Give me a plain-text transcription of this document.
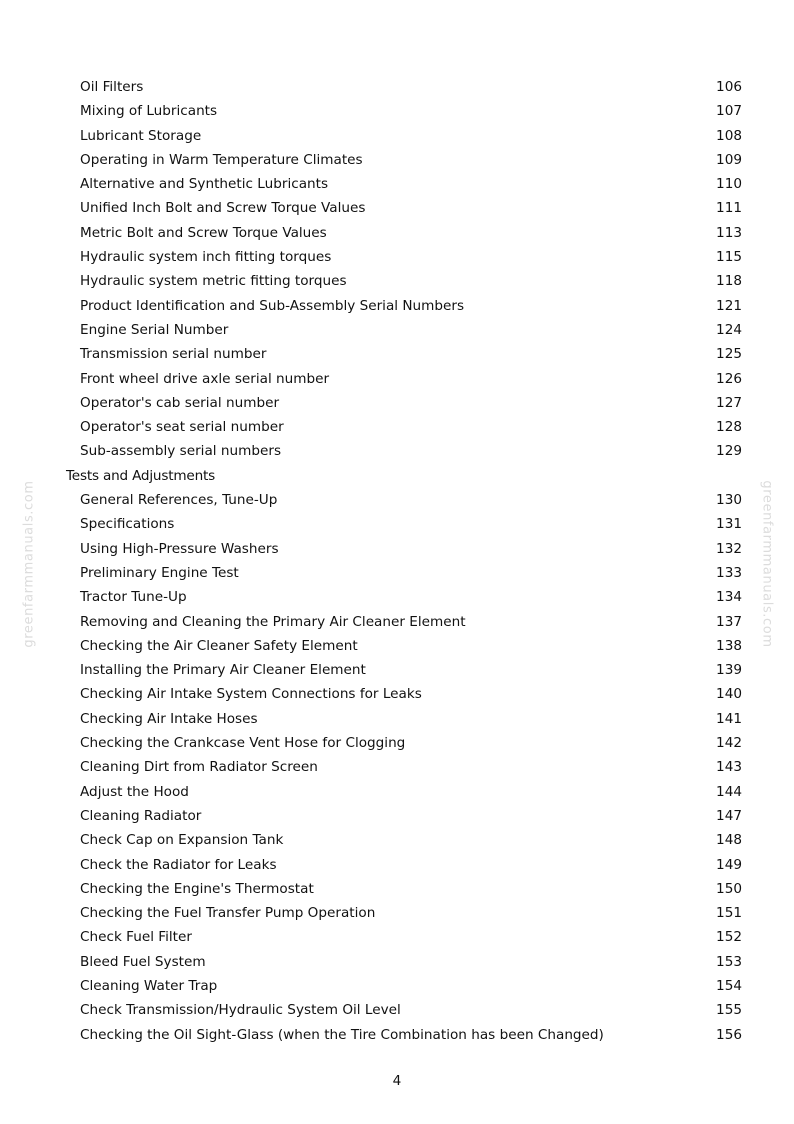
greenfarmmanuals.com	greenfarmmanuals.com
Oil Filters	106
Mixing of Lubricants	107
Lubricant Storage	108
Operating in Warm Temperature Climates	109
Alternative and Synthetic Lubricants	110
Unified Inch Bolt and Screw Torque Values	111
Metric Bolt and Screw Torque Values	113
Hydraulic system inch fitting torques	115
Hydraulic system metric fitting torques	118
Product Identification and Sub-Assembly Serial Numbers	121
Engine Serial Number	124
Transmission serial number	125
Front wheel drive axle serial number	126
Operator's cab serial number	127
Operator's seat serial number	128
Sub-assembly serial numbers	129
Tests and Adjustments
General References, Tune-Up	130
Specifications	131
Using High-Pressure Washers	132
Preliminary Engine Test	133
Tractor Tune-Up	134
Removing and Cleaning the Primary Air Cleaner Element	137
Checking the Air Cleaner Safety Element	138
Installing the Primary Air Cleaner Element	139
Checking Air Intake System Connections for Leaks	140
Checking Air Intake Hoses	141
Checking the Crankcase Vent Hose for Clogging	142
Cleaning Dirt from Radiator Screen	143
Adjust the Hood	144
Cleaning Radiator	147
Check Cap on Expansion Tank	148
Check the Radiator for Leaks	149
Checking the Engine's Thermostat	150
Checking the Fuel Transfer Pump Operation	151
Check Fuel Filter	152
Bleed Fuel System	153
Cleaning Water Trap	154
Check Transmission/Hydraulic System Oil Level	155
Checking the Oil Sight-Glass (when the Tire Combination has been Changed)	156
4
